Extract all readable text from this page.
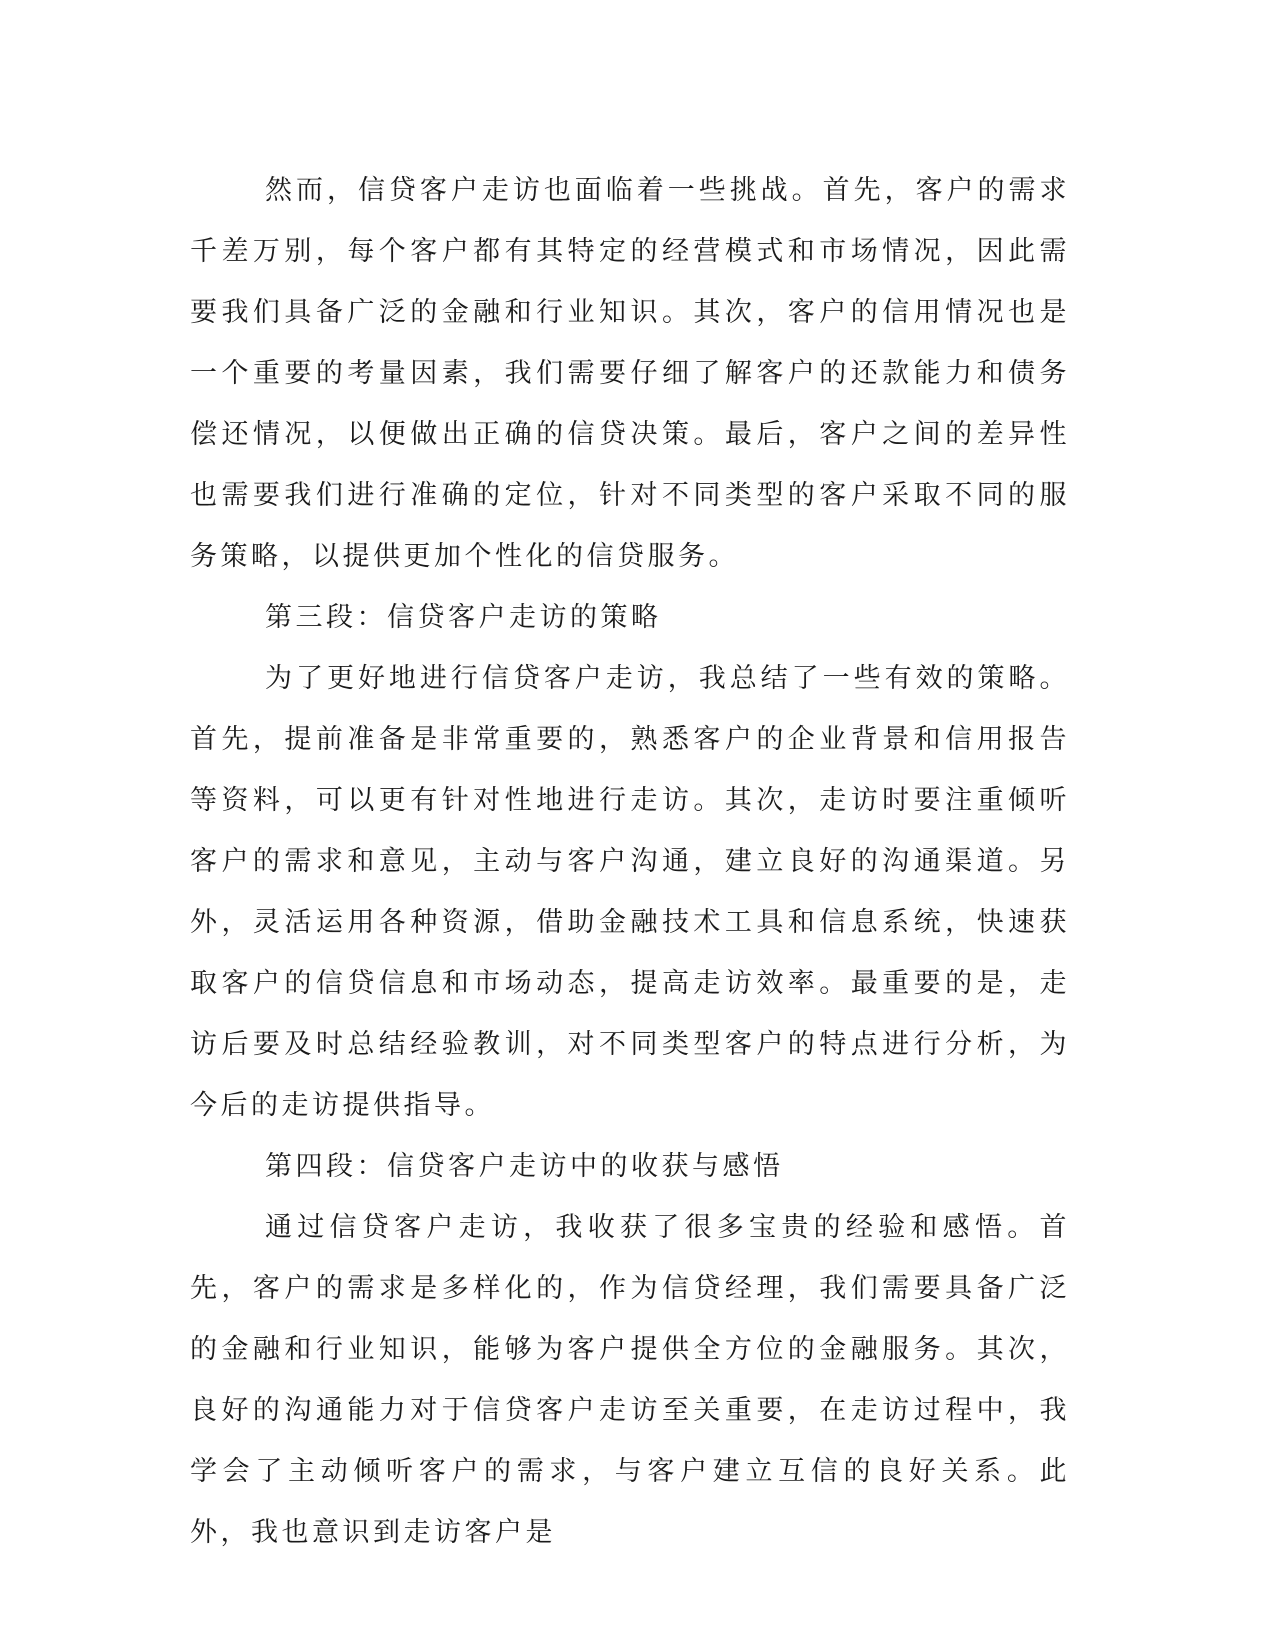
然而，信贷客户走访也面临着一些挑战。首先，客户的需求千差万别，每个客户都有其特定的经营模式和市场情况，因此需要我们具备广泛的金融和行业知识。其次，客户的信用情况也是一个重要的考量因素，我们需要仔细了解客户的还款能力和债务偿还情况，以便做出正确的信贷决策。最后，客户之间的差异性也需要我们进行准确的定位，针对不同类型的客户采取不同的服务策略，以提供更加个性化的信贷服务。

第三段：信贷客户走访的策略

为了更好地进行信贷客户走访，我总结了一些有效的策略。首先，提前准备是非常重要的，熟悉客户的企业背景和信用报告等资料，可以更有针对性地进行走访。其次，走访时要注重倾听客户的需求和意见，主动与客户沟通，建立良好的沟通渠道。另外，灵活运用各种资源，借助金融技术工具和信息系统，快速获取客户的信贷信息和市场动态，提高走访效率。最重要的是，走访后要及时总结经验教训，对不同类型客户的特点进行分析，为今后的走访提供指导。

第四段：信贷客户走访中的收获与感悟

通过信贷客户走访，我收获了很多宝贵的经验和感悟。首先，客户的需求是多样化的，作为信贷经理，我们需要具备广泛的金融和行业知识，能够为客户提供全方位的金融服务。其次，良好的沟通能力对于信贷客户走访至关重要，在走访过程中，我学会了主动倾听客户的需求，与客户建立互信的良好关系。此外，我也意识到走访客户是
